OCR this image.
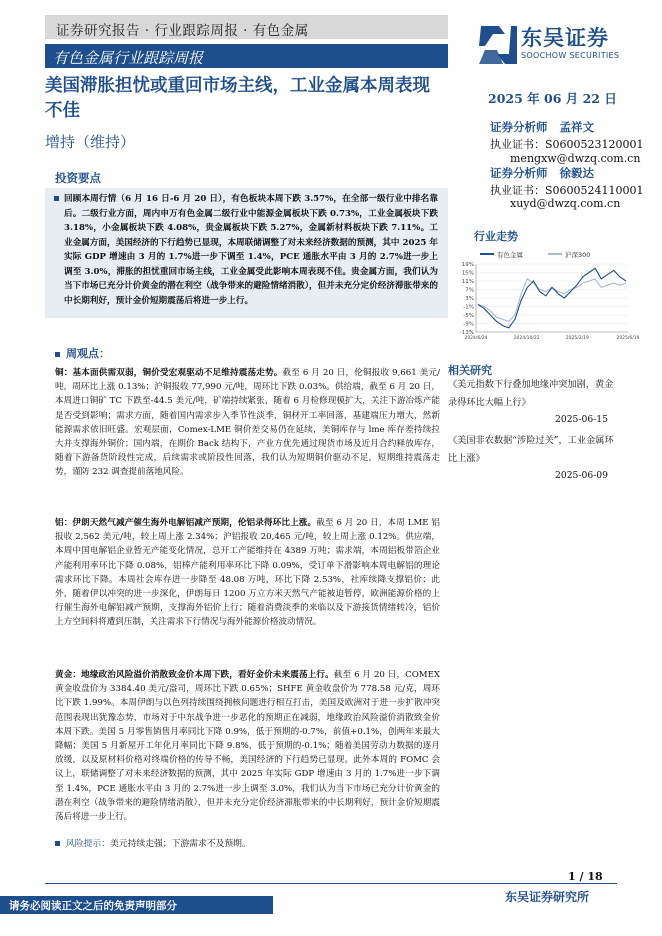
证券研究报告 · 行业跟踪周报 · 有色金属
有色金属行业跟踪周报
东吴证券
SOOCHOW SECURITIES
美国滞胀担忧或重回市场主线，工业金属本周表现不佳
2025 年 06 月 22 日
增持（维持）
证券分析师 孟祥文
执业证书：S0600523120001
mengxw@dwzq.com.cn
证券分析师 徐毅达
执业证书：S0600524110001
xuyd@dwzq.com.cn
投资要点
回顾本周行情（6 月 16 日-6 月 20 日），有色板块本周下跌 3.57%，在全部一级行业中排名靠后。二级行业方面，周内申万有色金属二级行业中能源金属板块下跌 0.73%，工业金属板块下跌 3.18%，小金属板块下跌 4.08%，贵金属板块下跌 5.27%，金属新材料板块下跌 7.11%。工业金属方面，美国经济的下行趋势已显现，本周联储调整了对未来经济数据的预测，其中 2025 年实际 GDP 增速由 3 月的 1.7%进一步下调至 1.4%，PCE 通胀水平由 3 月的 2.7%进一步上调至 3.0%，滞胀的担忧重回市场主线，工业金属受此影响本周表现不佳。贵金属方面，我们认为当下市场已充分计价黄金的潜在利空（战争带来的避险情绪消散），但并未充分定价经济滞胀带来的中长期利好，预计金价短期震荡后将进一步上行。
周观点：
铜：基本面供需双弱，铜价受宏观驱动不足维持震荡走势。截至 6 月 20 日，伦铜报收 9,661 美元/吨，周环比上涨 0.13%；沪铜报收 77,990 元/吨，周环比下跌 0.03%。供给端，截至 6 月 20 日，本周进口铜矿 TC 下跌至-44.5 美元/吨，矿端持续紧张，随着 6 月检修现模扩大，关注下游冶炼产能是否受到影响；需求方面，随着国内需求步入季节性淡季，铜材开工率回落，基建端压力增大，然新能源需求依旧旺盛。宏观层面，Comex-LME 铜价差交易仍在延续，美铜库存与 lme 库存差持续拉大并支撑海外铜价；国内端，在期价 Back 结构下，产业方优先通过现货市场及近月合约释放库存，随着下游备货阶段性完成，后续需求或阶段性回落，我们认为短期铜价驱动不足，短期维持震荡走势，谨防 232 调查提前落地风险。
铝：伊朗天然气减产催生海外电解铝减产预期，伦铝录得环比上涨。截至 6 月 20 日，本周 LME 铝报收 2,562 美元/吨，较上周上涨 2.34%；沪铝报收 20,465 元/吨，较上周上涨 0.12%。供应端，本周中国电解铝企业暂无产能变化情况，总开工产能维持在 4389 万吨；需求端，本周铝板带箔企业产能利用率环比下降 0.08%，铝棒产能利用率环比下降 0.09%，受订单下滑影响本周电解铝的理论需求环比下降。本周社会库存进一步降至 48.08 万吨，环比下降 2.53%，社库续降支撑铝价；此外，随着伊以冲突的进一步深化，伊朗每日 1200 万立方米天然气产能被迫暂停，欧洲能源价格的上行催生海外电解铝减产预期，支撑海外铝价上行；随着消费淡季的来临以及下游接货情绪转冷，铝价上方空间料将遭到压制，关注需求下行情况与海外能源价格波动情况。
黄金：地缘政治风险溢价消散致金价本周下跌，看好金价未来震荡上行。截至 6 月 20 日，COMEX 黄金收盘价为 3384.40 美元/盎司，周环比下跌 0.65%；SHFE 黄金收盘价为 778.58 元/克，周环比下跌 1.99%。本周伊朗与以色列持续围绕拥核问题进行相互打击，美国及欧洲对于进一步扩散冲突范围表现出犹豫态势，市场对于中东战争进一步恶化的预期正在减弱，地缘政治风险溢价消散致金价本周下跌。美国 5 月零售销售月率同比下降 0.9%，低于预期的-0.7%，前值+0.1%，创两年来最大降幅；美国 5 月新屋开工年化月率同比下降 9.8%，低于预期的-0.1%；随着美国劳动力数据的逐月放缓，以及原材料价格对终端价格的传导不畅，美国经济的下行趋势已显现。此外本周的 FOMC 会议上，联储调整了对未来经济数据的预测，其中 2025 年实际 GDP 增速由 3 月的 1.7%进一步下调至 1.4%，PCE 通胀水平由 3 月的 2.7%进一步上调至 3.0%，我们认为当下市场已充分计价黄金的潜在利空（战争带来的避险情绪消散），但并未充分定价经济滞胀带来的中长期利好，预计金价短期震荡后将进一步上行。
风险提示：美元持续走强；下游需求不及预期。
行业走势
有色金属	沪深300
19%
15%
11%
7%
3%
-1%
-5%
-9%
-13%
2024/6/24	2024/10/22	2025/2/19	2025/6/19
相关研究
《美元指数下行叠加地缘冲突加剧，黄金录得环比大幅上行》
2025-06-15
《美国非农数据“涉险过关”，工业金属环比上涨》
2025-06-09
1 / 18
请务必阅读正文之后的免责声明部分
东吴证券研究所
